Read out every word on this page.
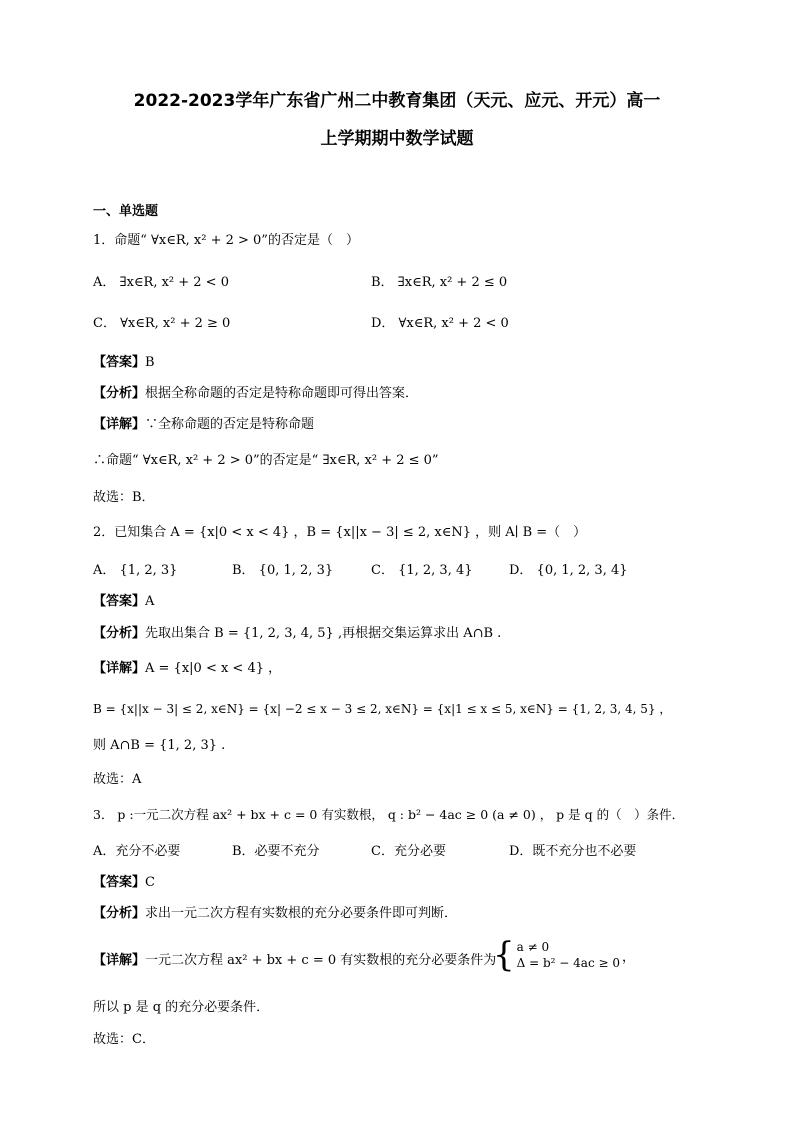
2022-2023学年广东省广州二中教育集团（天元、应元、开元）高一
上学期期中数学试题

一、单选题

1．命题“ ∀x∈R, x² + 2 > 0”的否定是（　）

A． ∃x∈R, x² + 2 < 0	B． ∃x∈R, x² + 2 ≤ 0
C． ∀x∈R, x² + 2 ≥ 0	D． ∀x∈R, x² + 2 < 0

【答案】B

【分析】根据全称命题的否定是特称命题即可得出答案．

【详解】∵全称命题的否定是特称命题

∴命题“ ∀x∈R, x² + 2 > 0”的否定是“ ∃x∈R, x² + 2 ≤ 0”

故选：B．

2．已知集合 A = {x|0 < x < 4} ，B = {x||x − 3| ≤ 2, x∈N} ，则 A∣ B =（　）

A． {1, 2, 3}	B． {0, 1, 2, 3}	C． {1, 2, 3, 4}	D． {0, 1, 2, 3, 4}

【答案】A

【分析】先取出集合 B = {1, 2, 3, 4, 5} ,再根据交集运算求出 A∩B .

【详解】A = {x|0 < x < 4} ，

B = {x||x − 3| ≤ 2, x∈N} = {x| −2 ≤ x − 3 ≤ 2, x∈N} = {x|1 ≤ x ≤ 5, x∈N} = {1, 2, 3, 4, 5} ，

则 A∩B = {1, 2, 3} .

故选：A

3． p :一元二次方程 ax² + bx + c = 0 有实数根， q : b² − 4ac ≥ 0 (a ≠ 0) ， p 是 q 的（　）条件．

A．充分不必要	B．必要不充分	C．充分必要	D．既不充分也不必要

【答案】C

【分析】求出一元二次方程有实数根的充分必要条件即可判断．

【详解】一元二次方程 ax² + bx + c = 0 有实数根的充分必要条件为

{ a ≠ 0
Δ = b² − 4ac ≥ 0 ，

所以 p 是 q 的充分必要条件．

故选：C．
